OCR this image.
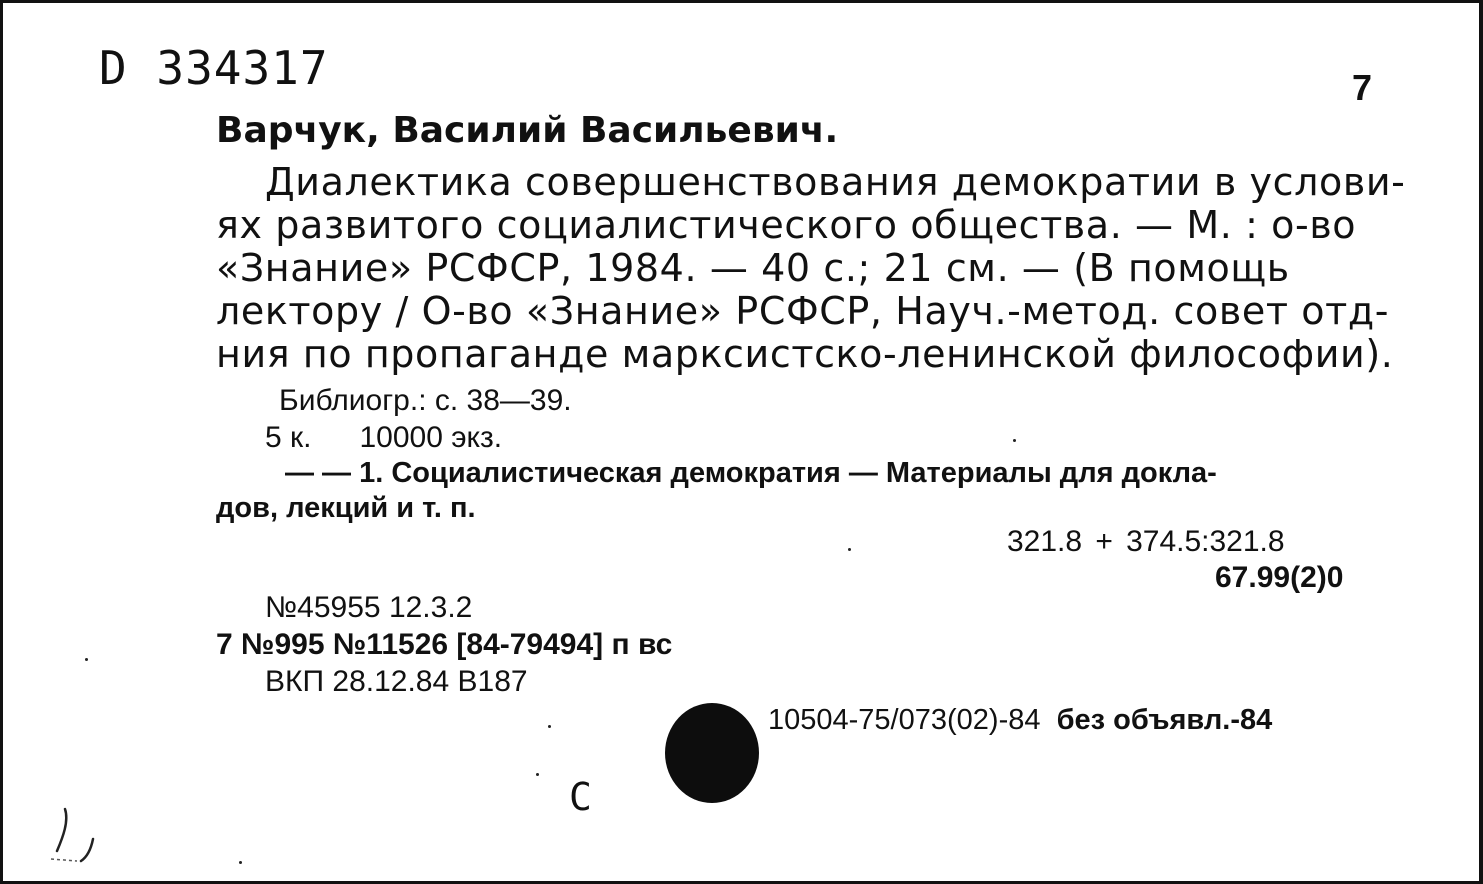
D 334317	7
Варчук, Василий Васильевич.
Диалектика совершенствования демократии в услови-
ях развитого социалистического общества. — М. : о-во
«Знание» РСФСР, 1984. — 40 с.; 21 см. — (В помощь
лектору / О-во «Знание» РСФСР, Науч.-метод. совет отд-
ния по пропаганде марксистско-ленинской философии).
Библиогр.: с. 38—39.
5 к. 10000 экз.
— — 1. Социалистическая демократия — Материалы для докла-
дов, лекций и т. п.
321.8 + 374.5:321.8
67.99(2)0
№45955 12.3.2
7 №995 №11526 [84-79494] п вс
ВКП 28.12.84 В187
10504-75/073(02)-84 без объявл.-84
С
